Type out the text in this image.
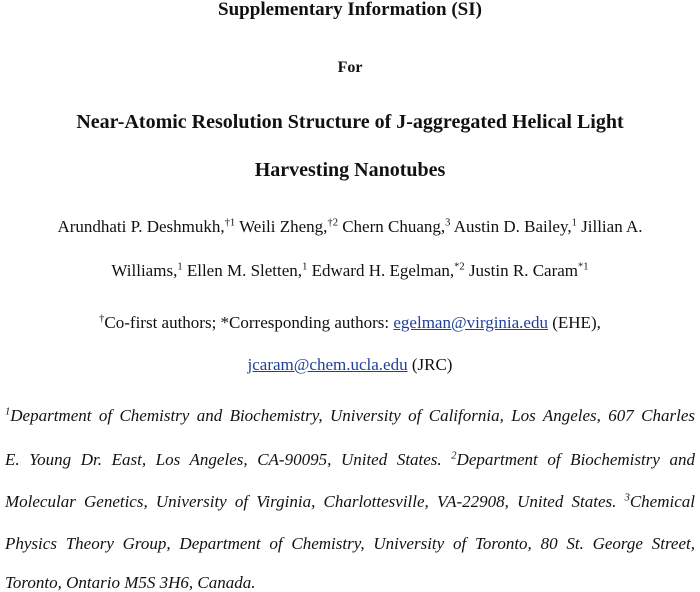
Supplementary Information (SI)
For
Near-Atomic Resolution Structure of J-aggregated Helical Light
Harvesting Nanotubes
Arundhati P. Deshmukh,$^{\dagger 1}$ Weili Zheng,$^{\dagger 2}$ Chern Chuang,$^3$ Austin D. Bailey,$^1$ Jillian A.
Williams,$^1$ Ellen M. Sletten,$^1$ Edward H. Egelman,$^{*2}$ Justin R. Caram$^{*1}$
†Co-first authors; *Corresponding authors: egelman@virginia.edu (EHE),
jcaram@chem.ucla.edu (JRC)
$^1$Department of Chemistry and Biochemistry, University of California, Los Angeles, 607 Charles
E. Young Dr. East, Los Angeles, CA-90095, United States. $^2$Department of Biochemistry and
Molecular Genetics, University of Virginia, Charlottesville, VA-22908, United States. $^3$Chemical
Physics Theory Group, Department of Chemistry, University of Toronto, 80 St. George Street,
Toronto, Ontario M5S 3H6, Canada.
